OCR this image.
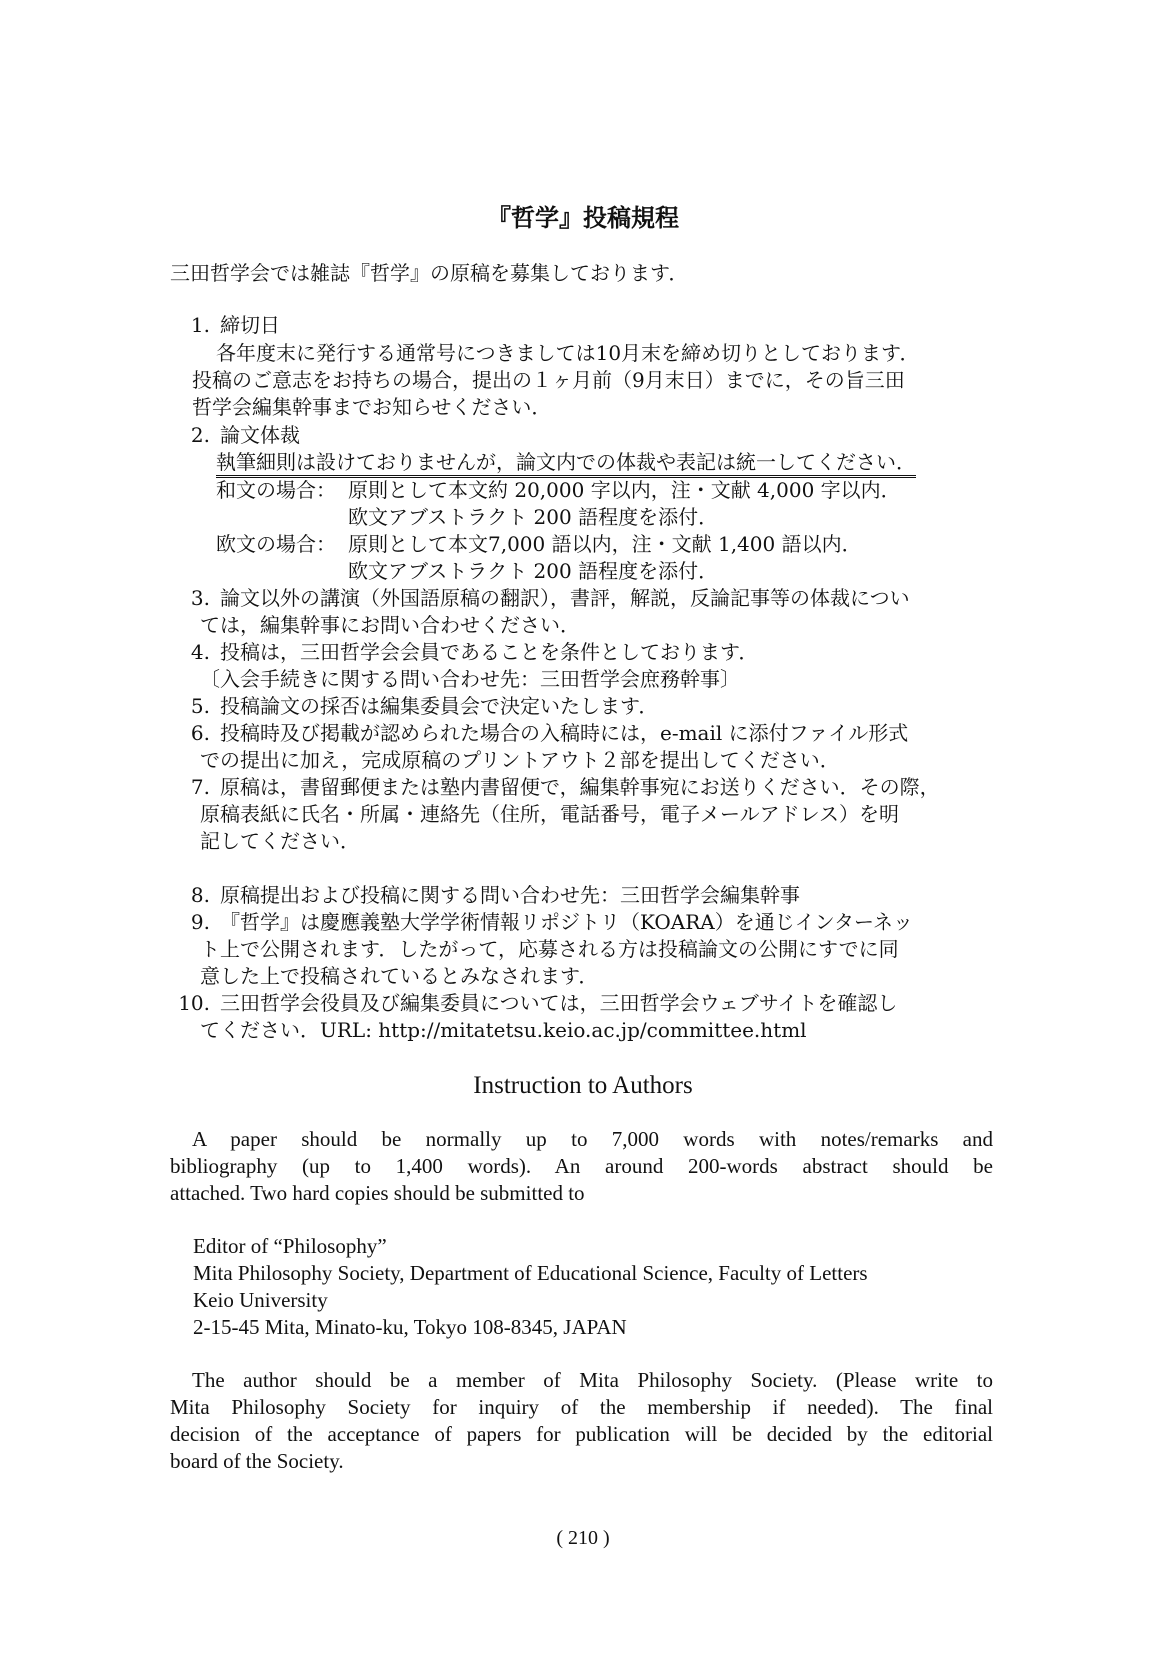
『哲学』投稿規程
三田哲学会では雑誌『哲学』の原稿を募集しております．
1. 締切日
各年度末に発行する通常号につきましては10月末を締め切りとしております．
投稿のご意志をお持ちの場合，提出の１ヶ月前（9月末日）までに，その旨三田
哲学会編集幹事までお知らせください．
2. 論文体裁
執筆細則は設けておりませんが，論文内での体裁や表記は統一してください．
和文の場合： 原則として本文約 20,000 字以内，注・文献 4,000 字以内．
欧文アブストラクト 200 語程度を添付．
欧文の場合： 原則として本文7,000 語以内，注・文献 1,400 語以内．
欧文アブストラクト 200 語程度を添付．
3. 論文以外の講演（外国語原稿の翻訳），書評，解説，反論記事等の体裁につい
ては，編集幹事にお問い合わせください．
4. 投稿は，三田哲学会会員であることを条件としております．
〔入会手続きに関する問い合わせ先：三田哲学会庶務幹事〕
5. 投稿論文の採否は編集委員会で決定いたします．
6. 投稿時及び掲載が認められた場合の入稿時には，e-mail に添付ファイル形式
での提出に加え，完成原稿のプリントアウト２部を提出してください．
7. 原稿は，書留郵便または塾内書留便で，編集幹事宛にお送りください．その際，
原稿表紙に氏名・所属・連絡先（住所，電話番号，電子メールアドレス）を明
記してください．
8. 原稿提出および投稿に関する問い合わせ先：三田哲学会編集幹事
9. 『哲学』は慶應義塾大学学術情報リポジトリ（KOARA）を通じインターネッ
ト上で公開されます．したがって，応募される方は投稿論文の公開にすでに同
意した上で投稿されているとみなされます．
10. 三田哲学会役員及び編集委員については，三田哲学会ウェブサイトを確認し
てください．URL: http://mitatetsu.keio.ac.jp/committee.html
Instruction to Authors
A paper should be normally up to 7,000 words with notes/remarks and
bibliography (up to 1,400 words). An around 200-words abstract should be
attached. Two hard copies should be submitted to
Editor of “Philosophy”
Mita Philosophy Society, Department of Educational Science, Faculty of Letters
Keio University
2-15-45 Mita, Minato-ku, Tokyo 108-8345, JAPAN
The author should be a member of Mita Philosophy Society. (Please write to
Mita Philosophy Society for inquiry of the membership if needed). The final
decision of the acceptance of papers for publication will be decided by the editorial
board of the Society.
( 210 )
